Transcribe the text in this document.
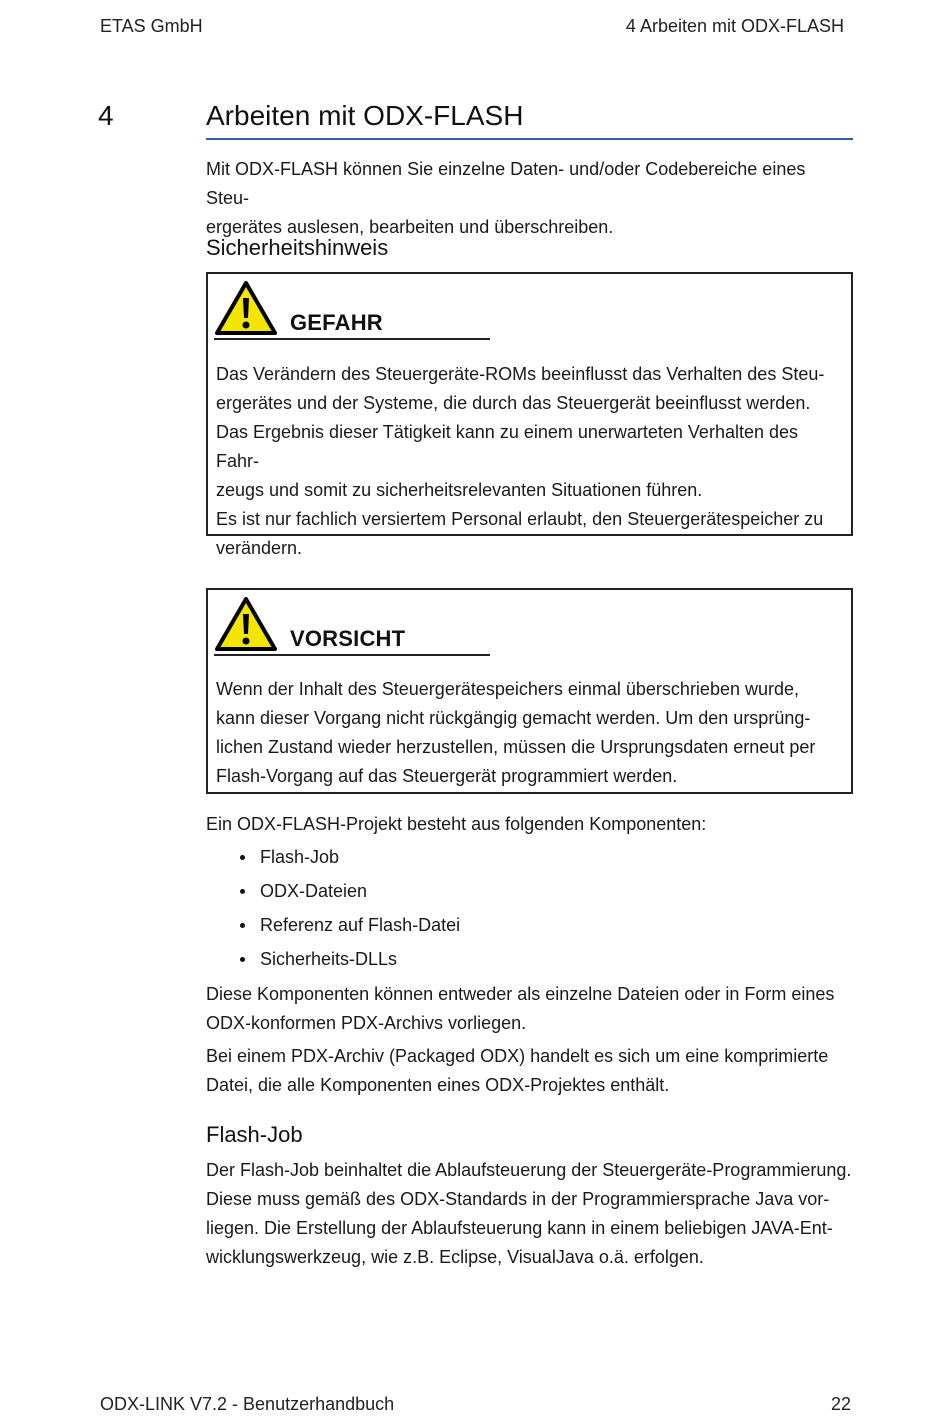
ETAS GmbH	4 Arbeiten mit ODX-FLASH
4	Arbeiten mit ODX-FLASH

Mit ODX-FLASH können Sie einzelne Daten- und/oder Codebereiche eines Steu-

ergerätes auslesen, bearbeiten und überschreiben.

Sicherheitshinweis
GEFAHR

Das Verändern des Steuergeräte-ROMs beeinflusst das Verhalten des Steu-

ergerätes und der Systeme, die durch das Steuergerät beeinflusst werden.

Das Ergebnis dieser Tätigkeit kann zu einem unerwarteten Verhalten des Fahr-

zeugs und somit zu sicherheitsrelevanten Situationen führen.

Es ist nur fachlich versiertem Personal erlaubt, den Steuergerätespeicher zu

verändern.

VORSICHT

Wenn der Inhalt des Steuergerätespeichers einmal überschrieben wurde,

kann dieser Vorgang nicht rückgängig gemacht werden. Um den ursprüng-

lichen Zustand wieder herzustellen, müssen die Ursprungsdaten erneut per

Flash-Vorgang auf das Steuergerät programmiert werden.

Ein ODX-FLASH-Projekt besteht aus folgenden Komponenten:

Flash-Job
ODX-Dateien
Referenz auf Flash-Datei
Sicherheits-DLLs

Diese Komponenten können entweder als einzelne Dateien oder in Form eines

ODX-konformen PDX-Archivs vorliegen.

Bei einem PDX-Archiv (Packaged ODX) handelt es sich um eine komprimierte

Datei, die alle Komponenten eines ODX-Projektes enthält.

Flash-Job

Der Flash-Job beinhaltet die Ablaufsteuerung der Steuergeräte-Programmierung.

Diese muss gemäß des ODX-Standards in der Programmiersprache Java vor-

liegen. Die Erstellung der Ablaufsteuerung kann in einem beliebigen JAVA-Ent-

wicklungswerkzeug, wie z.B. Eclipse, VisualJava o.ä. erfolgen.

ODX-LINK V7.2 - Benutzerhandbuch	22
